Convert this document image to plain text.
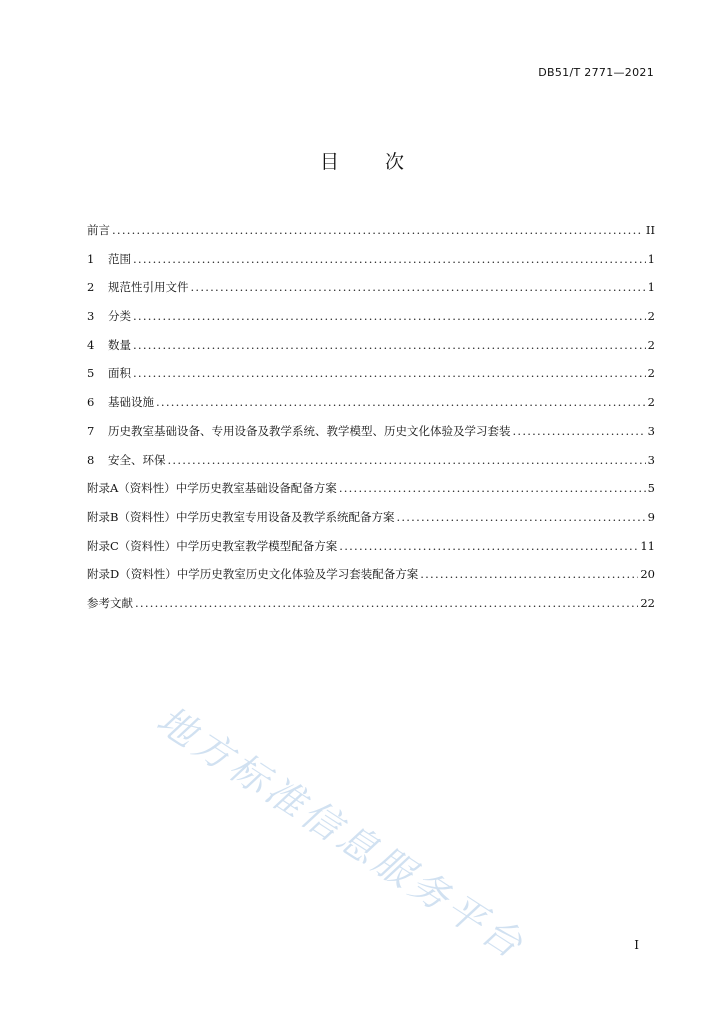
DB51/T 2771—2021
目 次
前言 . . .	II
1	范围 . . .	1
2	规范性引用文件 . . .	1
3	分类 . . .	2
4	数量 . . .	2
5	面积 . . .	2
6	基础设施 . . .	2
7	历史教室基础设备、专用设备及教学系统、教学模型、历史文化体验及学习套装 . . .	3
8	安全、环保 . . .	3
附录A（资料性）中学历史教室基础设备配备方案 . . .	5
附录B（资料性）中学历史教室专用设备及教学系统配备方案 . . .	9
附录C（资料性）中学历史教室教学模型配备方案 . . .	11
附录D（资料性）中学历史教室历史文化体验及学习套装配备方案 . . .	20
参考文献 . . .	22
地方标准信息服务平台	I
